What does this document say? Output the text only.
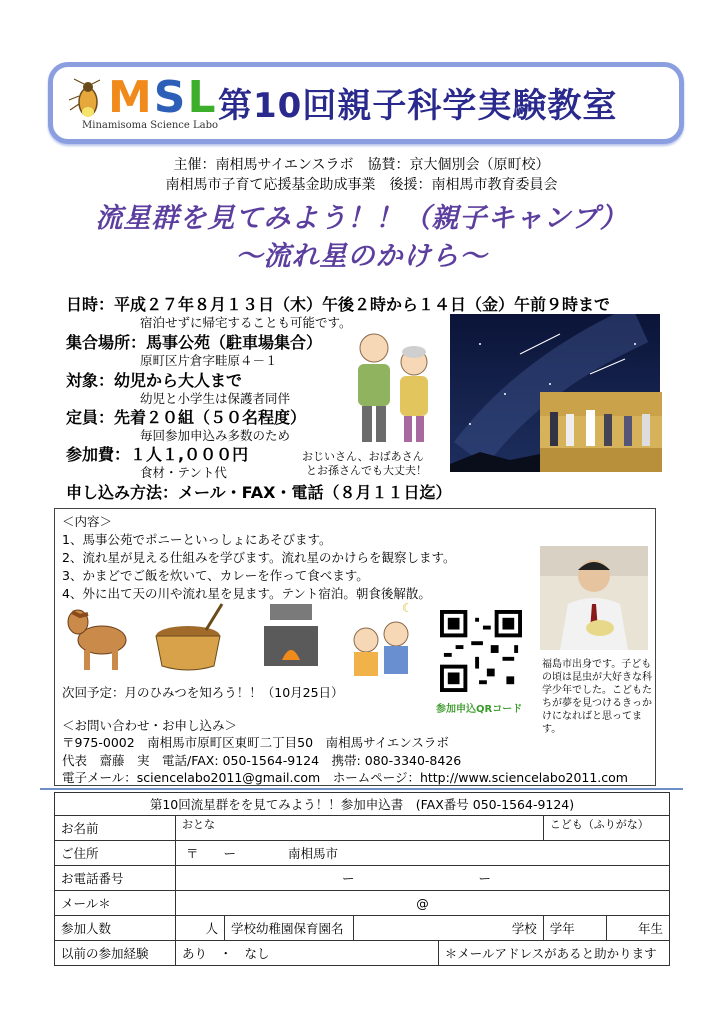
MSL
Minamisoma Science Labo 第10回親子科学実験教室
主催：南相馬サイエンスラボ　協賛：京大個別会（原町校）
南相馬市子育て応援基金助成事業　後援：南相馬市教育委員会
流星群を見てみよう！！（親子キャンプ）
～流れ星のかけら～
日時：平成２７年８月１３日（木）午後２時から１４日（金）午前９時まで
宿泊せずに帰宅することも可能です。
集合場所：馬事公苑（駐車場集合）
原町区片倉字畦原４－１
対象：幼児から大人まで
幼児と小学生は保護者同伴
定員：先着２０組（５０名程度）
毎回参加申込み多数のため
参加費：１人１,０００円
食材・テント代
申し込み方法：メール・FAX・電話（８月１１日迄）
おじいさん、おばあさん
とお孫さんでも大丈夫！
＜内容＞
1、馬事公苑でポニーといっしょにあそびます。
2、流れ星が見える仕組みを学びます。流れ星のかけらを観察します。
3、かまどでご飯を炊いて、カレーを作って食べます。
4、外に出て天の川や流れ星を見ます。テント宿泊。朝食後解散。
☾
次回予定：月のひみつを知ろう！！（10月25日）
参加申込QRコード
福島市出身です。子どもの頃は昆虫が大好きな科学少年でした。こどもたちが夢を見つけるきっかけになればと思ってます。
＜お問い合わせ・お申し込み＞
〒975-0002　南相馬市原町区東町二丁目50　南相馬サイエンスラボ
代表　齋藤　実　電話/FAX: 050-1564-9124　携帯: 080-3340-8426
電子メール：sciencelabo2011@gmail.com　ホームページ：http://www.sciencelabo2011.com
第10回流星群をを見てみよう！！参加申込書　(FAX番号 050-1564-9124)						
お名前	おとな				こども（ふりがな）	
ご住所	〒　　ー 南相馬市					
お電話番号	ー ー					
メール＊	@					
参加人数	人	学校幼稚園保育園名	学校		学年	年生
以前の参加経験	あり　・　なし			＊メールアドレスがあると助かります		
